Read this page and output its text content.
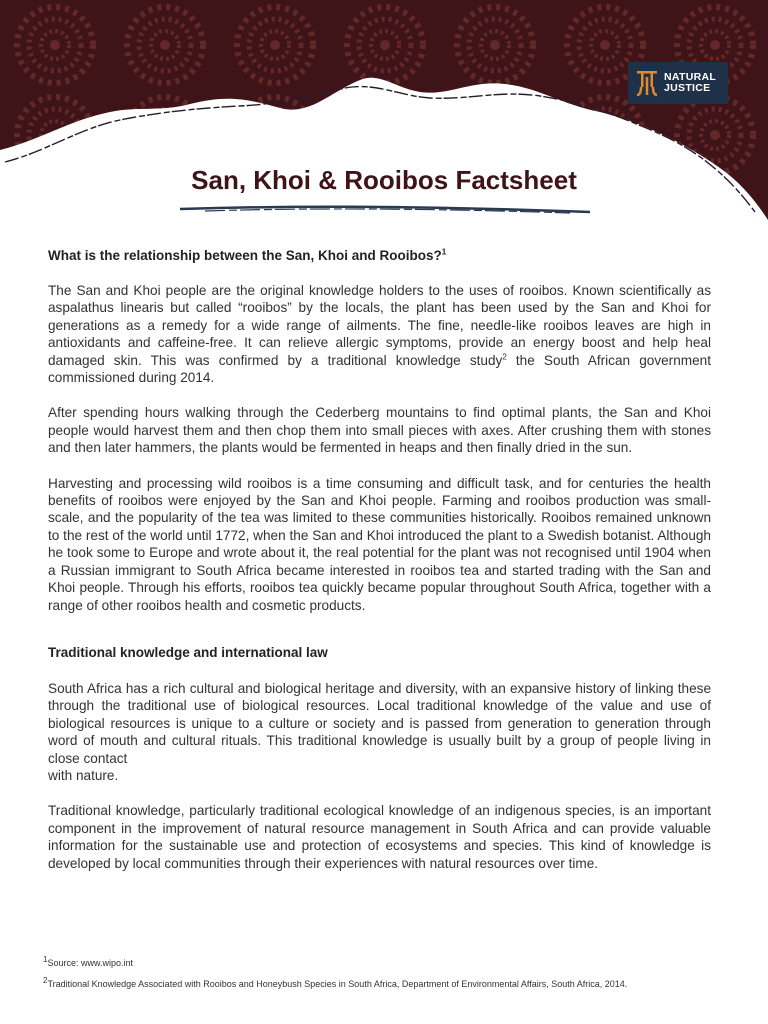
NATURAL
JUSTICE
San, Khoi & Rooibos Factsheet
What is the relationship between the San, Khoi and Rooibos?$^1$

The San and Khoi people are the original knowledge holders to the uses of rooibos. Known scientifically as aspalathus linearis but called “rooibos” by the locals, the plant has been used by the San and Khoi for generations as a remedy for a wide range of ailments. The fine, needle-like rooibos leaves are high in antioxidants and caffeine-free. It can relieve allergic symptoms, provide an energy boost and help heal damaged skin. This was confirmed by a traditional knowledge study$^2$ the South African government commissioned during 2014.

After spending hours walking through the Cederberg mountains to find optimal plants, the San and Khoi people would harvest them and then chop them into small pieces with axes. After crushing them with stones and then later hammers, the plants would be fermented in heaps and then finally dried in the sun.

Harvesting and processing wild rooibos is a time consuming and difficult task, and for centuries the health benefits of rooibos were enjoyed by the San and Khoi people. Farming and rooibos production was small-scale, and the popularity of the tea was limited to these communities historically. Rooibos remained unknown to the rest of the world until 1772, when the San and Khoi introduced the plant to a Swedish botanist. Although he took some to Europe and wrote about it, the real potential for the plant was not recognised until 1904 when a Russian immigrant to South Africa became interested in rooibos tea and started trading with the San and Khoi people. Through his efforts, rooibos tea quickly became popular throughout South Africa, together with a range of other rooibos health and cosmetic products.

Traditional knowledge and international law

South Africa has a rich cultural and biological heritage and diversity, with an expansive history of linking these through the traditional use of biological resources. Local traditional knowledge of the value and use of biological resources is unique to a culture or society and is passed from generation to generation through word of mouth and cultural rituals. This traditional knowledge is usually built by a group of people living in close contact
with nature.

Traditional knowledge, particularly traditional ecological knowledge of an indigenous species, is an important component in the improvement of natural resource management in South Africa and can provide valuable information for the sustainable use and protection of ecosystems and species. This kind of knowledge is developed by local communities through their experiences with natural resources over time.

$^1$Source: www.wipo.int
$^2$Traditional Knowledge Associated with Rooibos and Honeybush Species in South Africa, Department of Environmental Affairs, South Africa, 2014.
